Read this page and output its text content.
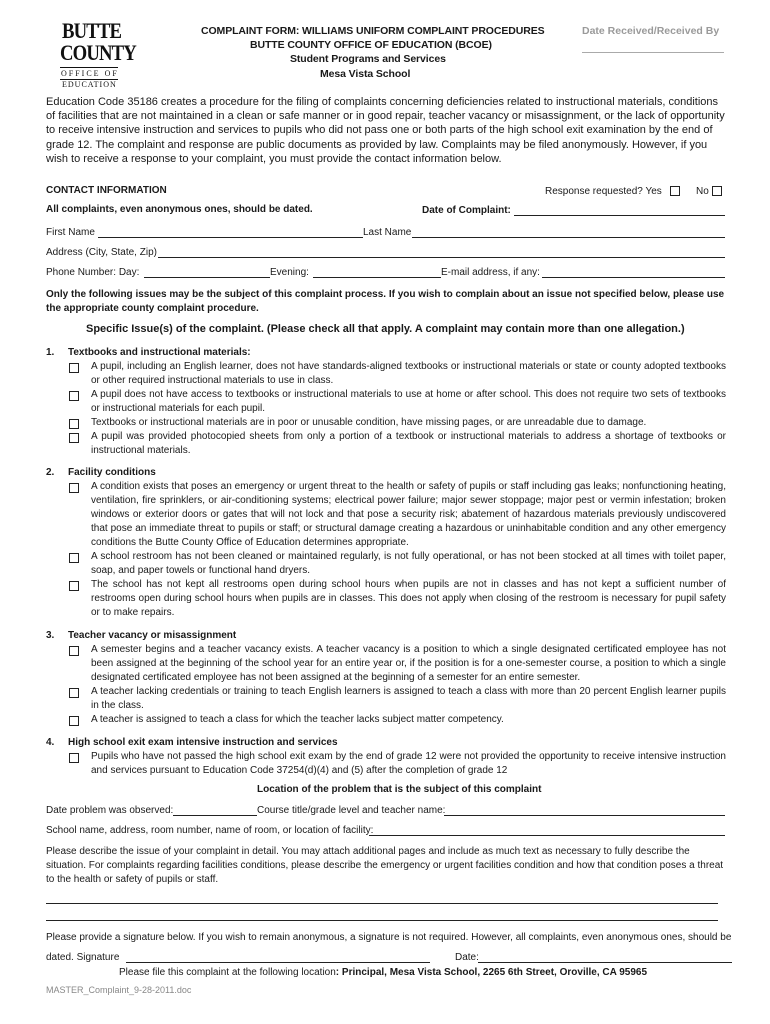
BUTTE
COUNTY
OFFICE OF
EDUCATION
COMPLAINT FORM: WILLIAMS UNIFORM COMPLAINT PROCEDURES
BUTTE COUNTY OFFICE OF EDUCATION (BCOE)
Student Programs and Services
Mesa Vista School
Date Received/Received By
Education Code 35186 creates a procedure for the filing of complaints concerning deficiencies related to instructional materials, conditions of facilities that are not maintained in a clean or safe manner or in good repair, teacher vacancy or misassignment, or the lack of opportunity to receive intensive instruction and services to pupils who did not pass one or both parts of the high school exit examination by the end of grade 12. The complaint and response are public documents as provided by law. Complaints may be filed anonymously. However, if you wish to receive a response to your complaint, you must provide the contact information below.
CONTACT INFORMATION	Response requested? Yes	No
All complaints, even anonymous ones, should be dated.	Date of Complaint:
First Name	Last Name
Address (City, State, Zip)
Phone Number: Day:	Evening:	E-mail address, if any:
Only the following issues may be the subject of this complaint process. If you wish to complain about an issue not specified below, please use the appropriate county complaint procedure.
Specific Issue(s) of the complaint. (Please check all that apply. A complaint may contain more than one allegation.)
1. Textbooks and instructional materials:
A pupil, including an English learner, does not have standards-aligned textbooks or instructional materials or state or county adopted textbooks or other required instructional materials to use in class.
A pupil does not have access to textbooks or instructional materials to use at home or after school. This does not require two sets of textbooks or instructional materials for each pupil.
Textbooks or instructional materials are in poor or unusable condition, have missing pages, or are unreadable due to damage.
A pupil was provided photocopied sheets from only a portion of a textbook or instructional materials to address a shortage of textbooks or instructional materials.
2. Facility conditions
A condition exists that poses an emergency or urgent threat to the health or safety of pupils or staff including gas leaks; nonfunctioning heating, ventilation, fire sprinklers, or air-conditioning systems; electrical power failure; major sewer stoppage; major pest or vermin infestation; broken windows or exterior doors or gates that will not lock and that pose a security risk; abatement of hazardous materials previously undiscovered that pose an immediate threat to pupils or staff; or structural damage creating a hazardous or uninhabitable condition and any other emergency conditions the Butte County Office of Education determines appropriate.
A school restroom has not been cleaned or maintained regularly, is not fully operational, or has not been stocked at all times with toilet paper, soap, and paper towels or functional hand dryers.
The school has not kept all restrooms open during school hours when pupils are not in classes and has not kept a sufficient number of restrooms open during school hours when pupils are in classes. This does not apply when closing of the restroom is necessary for pupil safety or to make repairs.
3. Teacher vacancy or misassignment
A semester begins and a teacher vacancy exists. A teacher vacancy is a position to which a single designated certificated employee has not been assigned at the beginning of the school year for an entire year or, if the position is for a one-semester course, a position to which a single designated certificated employee has not been assigned at the beginning of a semester for an entire semester.
A teacher lacking credentials or training to teach English learners is assigned to teach a class with more than 20 percent English learner pupils in the class.
A teacher is assigned to teach a class for which the teacher lacks subject matter competency.
4. High school exit exam intensive instruction and services
Pupils who have not passed the high school exit exam by the end of grade 12 were not provided the opportunity to receive intensive instruction and services pursuant to Education Code 37254(d)(4) and (5) after the completion of grade 12
Location of the problem that is the subject of this complaint
Date problem was observed:	Course title/grade level and teacher name:
School name, address, room number, name of room, or location of facility:
Please describe the issue of your complaint in detail. You may attach additional pages and include as much text as necessary to fully describe the situation. For complaints regarding facilities conditions, please describe the emergency or urgent facilities condition and how that condition poses a threat to the health or safety of pupils or staff.
Please provide a signature below. If you wish to remain anonymous, a signature is not required. However, all complaints, even anonymous ones, should be
dated. Signature	Date:
Please file this complaint at the following location: Principal, Mesa Vista School, 2265 6th Street, Oroville, CA 95965
MASTER_Complaint_9-28-2011.doc
